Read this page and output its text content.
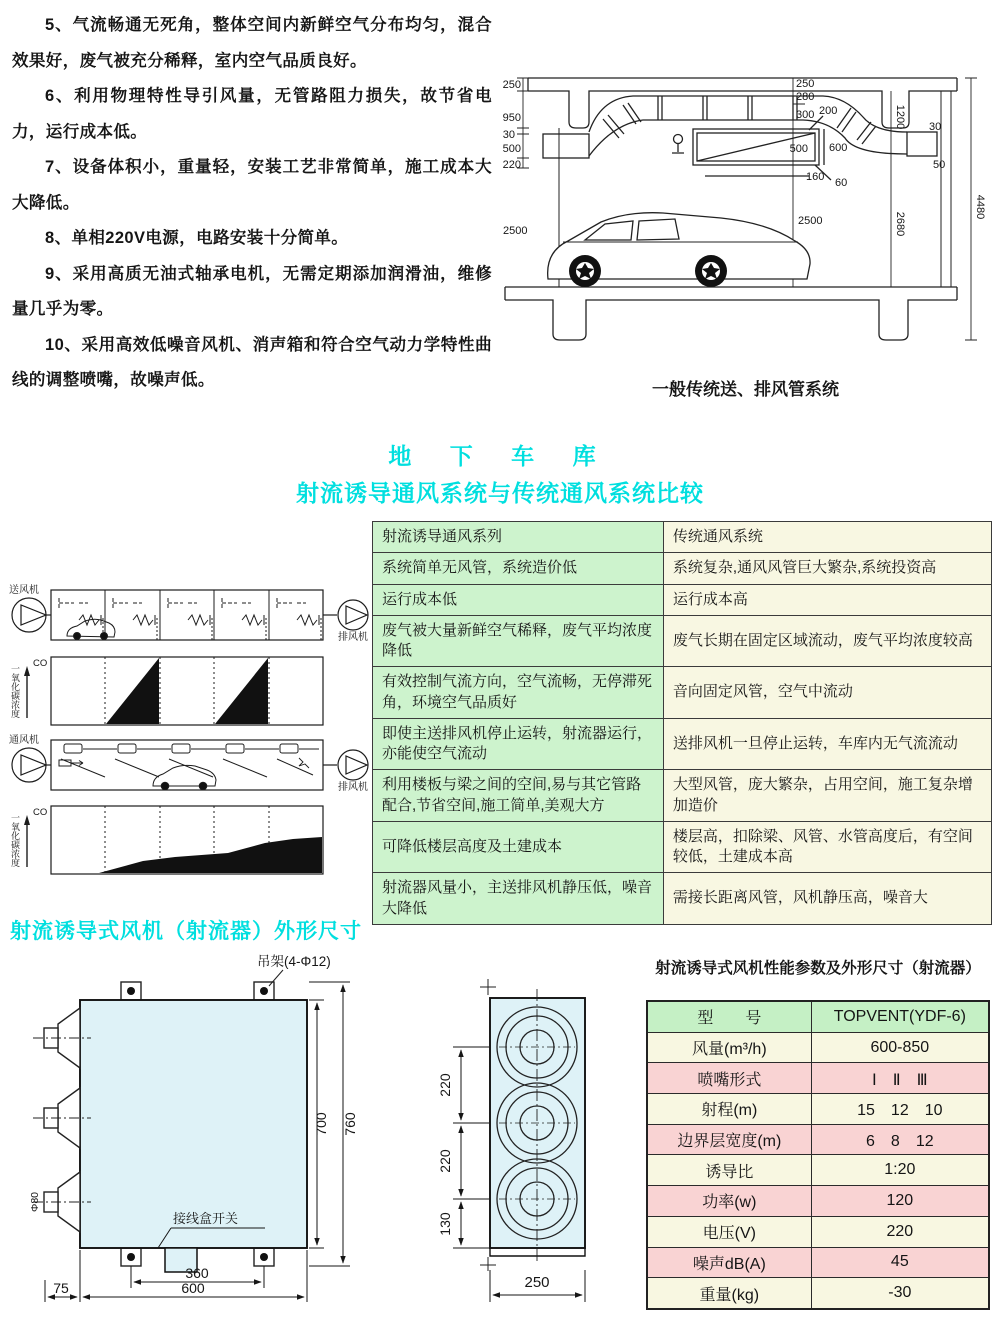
5、气流畅通无死角，整体空间内新鲜空气分布均匀，混合效果好，废气被充分稀释，室内空气品质良好。

6、利用物理特性导引风量，无管路阻力损失，故节省电力，运行成本低。

7、设备体积小，重量轻，安装工艺非常简单，施工成本大大降低。

8、单相220V电源，电路安装十分简单。

9、采用高质无油式轴承电机，无需定期添加润滑油，维修量几乎为零。

10、采用高效低噪音风机、消声箱和符合空气动力学特性曲线的调整喷嘴，故噪声低。

250
950
30
500
220
2500
250
280
300 200
500 600
160 60
2500
1200 30
50
2680
4480
一般传统送、排风管系统
地 下 车 库
射流诱导通风系统与传统通风系统比较
送风机
排风机
CO
一氧化碳浓度
通风机
排风机
CO
一氧化碳浓度
射流诱导通风系列	传统通风系统
系统简单无风管，系统造价低	系统复杂,通风风管巨大繁杂,系统投资高
运行成本低	运行成本高
废气被大量新鲜空气稀释，废气平均浓度降低	废气长期在固定区域流动，废气平均浓度较高
有效控制气流方向，空气流畅，无停滞死角，环境空气品质好	音向固定风管，空气中流动
即使主送排风机停止运转，射流器运行，亦能使空气流动	送排风机一旦停止运转，车库内无气流流动
利用楼板与梁之间的空间,易与其它管路配合,节省空间,施工简单,美观大方	大型风管，庞大繁杂，占用空间，施工复杂增加造价
可降低楼层高度及土建成本	楼层高，扣除梁、风管、水管高度后，有空间较低，土建成本高
射流器风量小，主送排风机静压低，噪音大降低	需接长距离风管，风机静压高，噪音大
射流诱导式风机（射流器）外形尺寸
吊架(4-Φ12)
700 760
360
600
75
Φ80
接线盒开关
220
220
130
250
射流诱导式风机性能参数及外形尺寸（射流器）
型　　号	TOPVENT(YDF-6)
风量(m³/h)	600-850
喷嘴形式	Ⅰ　Ⅱ　Ⅲ
射程(m)	15　12　10
边界层宽度(m)	6　8　12
诱导比	1:20
功率(w)	120
电压(V)	220
噪声dB(A)	45
重量(kg)	-30
